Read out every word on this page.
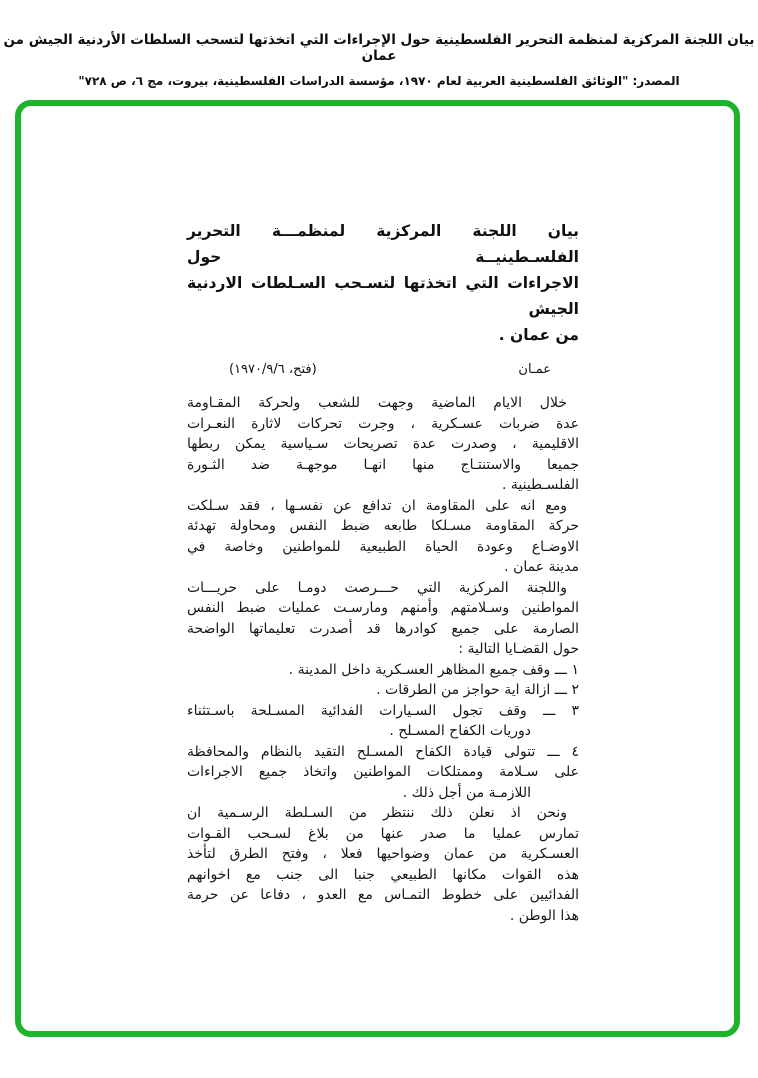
بيان اللجنة المركزية لمنظمة التحرير الفلسطينية حول الإجراءات التي اتخذتها لتسحب السلطات الأردنية الجيش من عمان
المصدر: "الوثائق الفلسطينية العربية لعام ١٩٧٠، مؤسسة الدراسات الفلسطينية، بيروت، مج ٦، ص ٧٢٨"
بيان اللجنة المركزية لمنظمـــة التحرير الفلسـطينيــة حول
الاجراءات التي اتخذتها لتسـحب السـلطات الاردنية الجيش
من عمان .
عمـان
(فتح، ١٩٧٠/٩/٦)
خلال الايام الماضية وجهت للشعب ولحركة المقـاومة
عدة ضربات عسـكرية ، وجرت تحركات لاثارة النعـرات
الاقليمية ، وصدرت عدة تصريحات سـياسية يمكن ربطها
جميعا والاستنتـاج منها انهـا موجهـة ضد الثـورة
الفلسـطينية .
ومع انه على المقاومة ان تدافع عن نفسـها ، فقد سـلكت
حركة المقاومة مسـلكا طابعه ضبط النفس ومحاولة تهدئة
الاوضـاع وعودة الحياة الطبيعية للمواطنين وخاصة في
مدينة عمان .
واللجنة المركزية التي حـــرصت دومـا على حريـــات
المواطنين وسـلامتهم وأمنهم ومارسـت عمليات ضبط النفس
الصارمة على جميع كوادرها قد أصدرت تعليماتها الواضحة
حول القضـايا التالية :
١ ـــ وقف جميع المظاهر العسـكرية داخل المدينة .
٢ ـــ ازالة اية حواجز من الطرقات .
٣ ـــ وقف تجول السـيارات الفدائية المسـلحة باسـتثناء
دوريات الكفاح المسـلح .
٤ ـــ تتولى قيادة الكفاح المسـلح التقيد بالنظام والمحافظة
على سـلامة وممتلكات المواطنين واتخاذ جميع الاجراءات
اللازمـة من أجل ذلك .
ونحن اذ نعلن ذلك ننتظر من السـلطة الرسـمية ان
تمارس عمليا ما صدر عنها من بلاغ لسـحب القـوات
العسـكرية من عمان وضواحيها فعلا ، وفتح الطرق لتأخذ
هذه القوات مكانها الطبيعي جنبا الى جنب مع اخوانهم
الفدائيين على خطوط التمـاس مع العدو ، دفاعا عن حرمة
هذا الوطن .
